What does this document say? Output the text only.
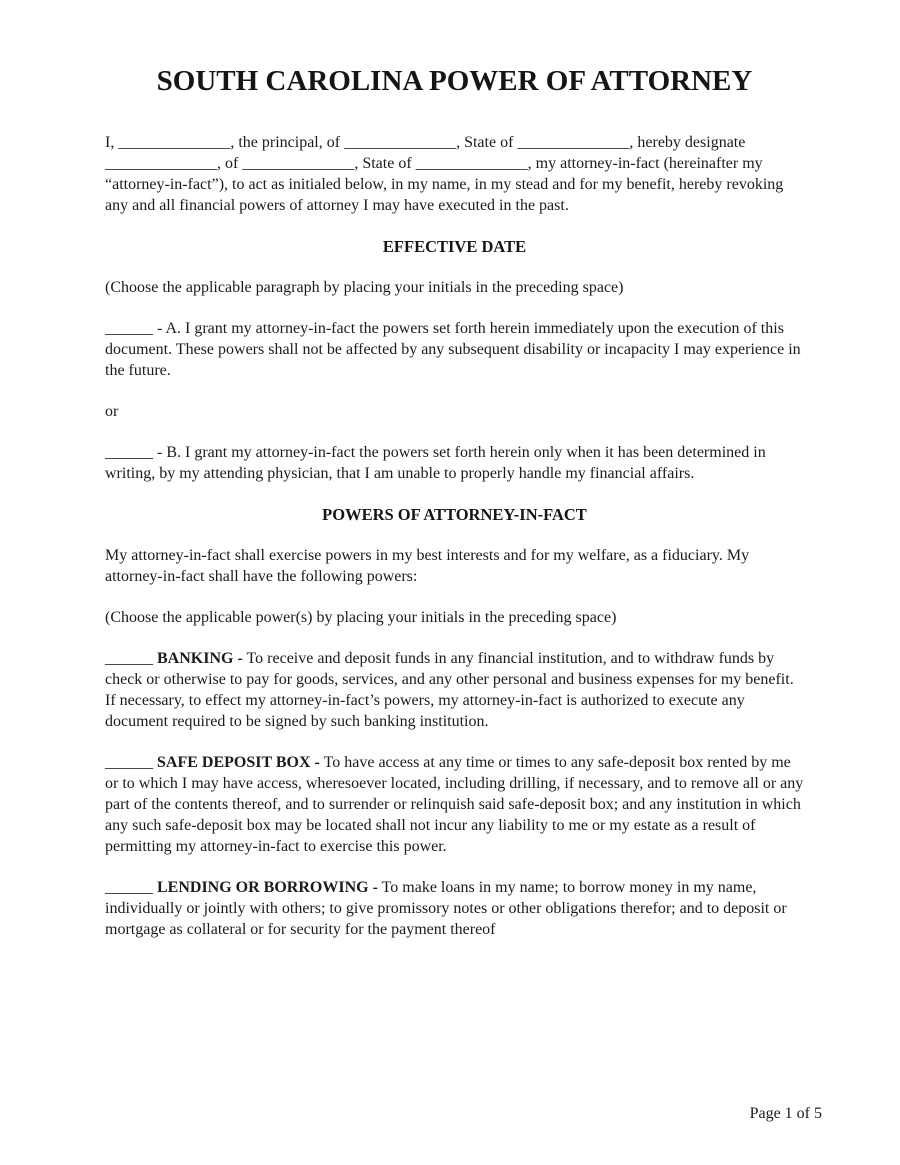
SOUTH CAROLINA POWER OF ATTORNEY

I, ______________, the principal, of ______________, State of ______________, hereby designate ______________, of ______________, State of ______________, my attorney-in-fact (hereinafter my “attorney-in-fact”), to act as initialed below, in my name, in my stead and for my benefit, hereby revoking any and all financial powers of attorney I may have executed in the past.

EFFECTIVE DATE

(Choose the applicable paragraph by placing your initials in the preceding space)

______ - A. I grant my attorney-in-fact the powers set forth herein immediately upon the execution of this document. These powers shall not be affected by any subsequent disability or incapacity I may experience in the future.

or

______ - B. I grant my attorney-in-fact the powers set forth herein only when it has been determined in writing, by my attending physician, that I am unable to properly handle my financial affairs.

POWERS OF ATTORNEY-IN-FACT

My attorney-in-fact shall exercise powers in my best interests and for my welfare, as a fiduciary. My attorney-in-fact shall have the following powers:

(Choose the applicable power(s) by placing your initials in the preceding space)

______ BANKING - To receive and deposit funds in any financial institution, and to withdraw funds by check or otherwise to pay for goods, services, and any other personal and business expenses for my benefit. If necessary, to effect my attorney-in-fact’s powers, my attorney-in-fact is authorized to execute any document required to be signed by such banking institution.

______ SAFE DEPOSIT BOX - To have access at any time or times to any safe-deposit box rented by me or to which I may have access, wheresoever located, including drilling, if necessary, and to remove all or any part of the contents thereof, and to surrender or relinquish said safe-deposit box; and any institution in which any such safe-deposit box may be located shall not incur any liability to me or my estate as a result of permitting my attorney-in-fact to exercise this power.

______ LENDING OR BORROWING - To make loans in my name; to borrow money in my name, individually or jointly with others; to give promissory notes or other obligations therefor; and to deposit or mortgage as collateral or for security for the payment thereof

Page 1 of 5
